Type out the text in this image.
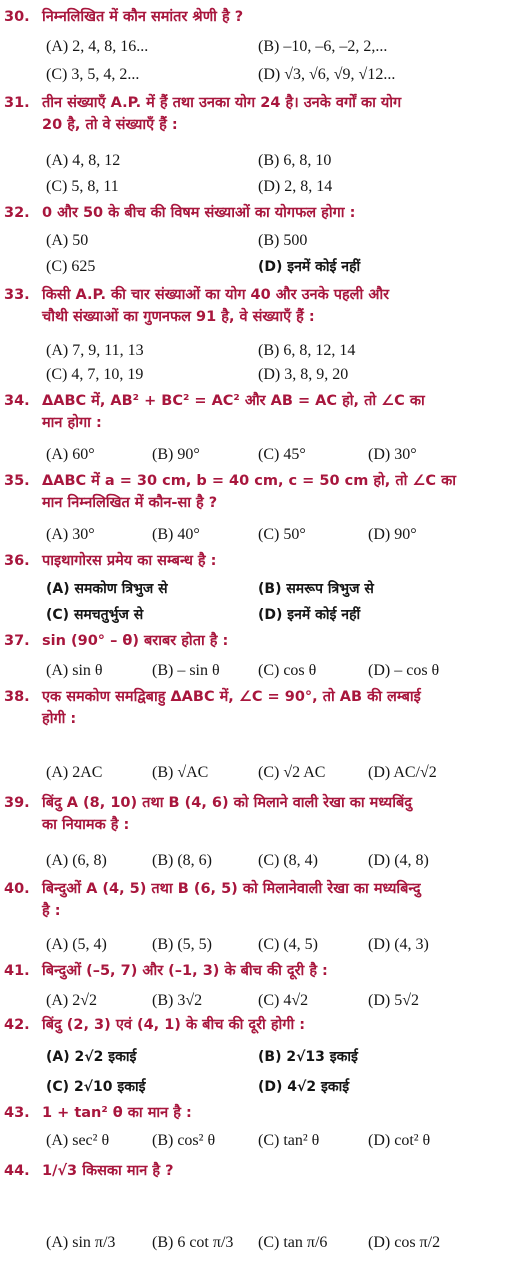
30. निम्नलिखित में कौन समांतर श्रेणी है ?
(A) 2, 4, 8, 16...	(B) –10, –6, –2, 2,...
(C) 3, 5, 4, 2...	(D) √3, √6, √9, √12...
31. तीन संख्याएँ A.P. में हैं तथा उनका योग 24 है। उनके वर्गों का योग
20 है, तो वे संख्याएँ हैं :
(A) 4, 8, 12	(B) 6, 8, 10
(C) 5, 8, 11	(D) 2, 8, 14
32. 0 और 50 के बीच की विषम संख्याओं का योगफल होगा :
(A) 50	(B) 500
(C) 625	(D) इनमें कोई नहीं
33. किसी A.P. की चार संख्याओं का योग 40 और उनके पहली और
चौथी संख्याओं का गुणनफल 91 है, वे संख्याएँ हैं :
(A) 7, 9, 11, 13	(B) 6, 8, 12, 14
(C) 4, 7, 10, 19	(D) 3, 8, 9, 20
34. ΔABC में, AB² + BC² = AC² और AB = AC हो, तो ∠C का
मान होगा :
(A) 60°	(B) 90°	(C) 45°	(D) 30°
35. ΔABC में a = 30 cm, b = 40 cm, c = 50 cm हो, तो ∠C का
मान निम्नलिखित में कौन-सा है ?
(A) 30°	(B) 40°	(C) 50°	(D) 90°
36. पाइथागोरस प्रमेय का सम्बन्ध है :
(A) समकोण त्रिभुज से	(B) समरूप त्रिभुज से
(C) समचतुर्भुज से	(D) इनमें कोई नहीं
37. sin (90° – θ) बराबर होता है :
(A) sin θ	(B) – sin θ (C) cos θ	(D) – cos θ
38. एक समकोण समद्विबाहु ΔABC में, ∠C = 90°, तो AB की लम्बाई
होगी :
(A) 2AC	(B) √AC	(C) √2 AC	(D) AC/√2
39. बिंदु A (8, 10) तथा B (4, 6) को मिलाने वाली रेखा का मध्यबिंदु
का नियामक है :
(A) (6, 8)	(B) (8, 6)	(C) (8, 4)	(D) (4, 8)
40. बिन्दुओं A (4, 5) तथा B (6, 5) को मिलानेवाली रेखा का मध्यबिन्दु
है :
(A) (5, 4)	(B) (5, 5)	(C) (4, 5)	(D) (4, 3)
41. बिन्दुओं (–5, 7) और (–1, 3) के बीच की दूरी है :
(A) 2√2	(B) 3√2	(C) 4√2	(D) 5√2
42. बिंदु (2, 3) एवं (4, 1) के बीच की दूरी होगी :
(A) 2√2 इकाई	(B) 2√13 इकाई
(C) 2√10 इकाई	(D) 4√2 इकाई
43. 1 + tan² θ का मान है :
(A) sec² θ	(B) cos² θ	(C) tan² θ	(D) cot² θ
44. 1/√3 किसका मान है ?
(A) sin π/3 (B) 6 cot π/3 (C) tan π/6	(D) cos π/2
